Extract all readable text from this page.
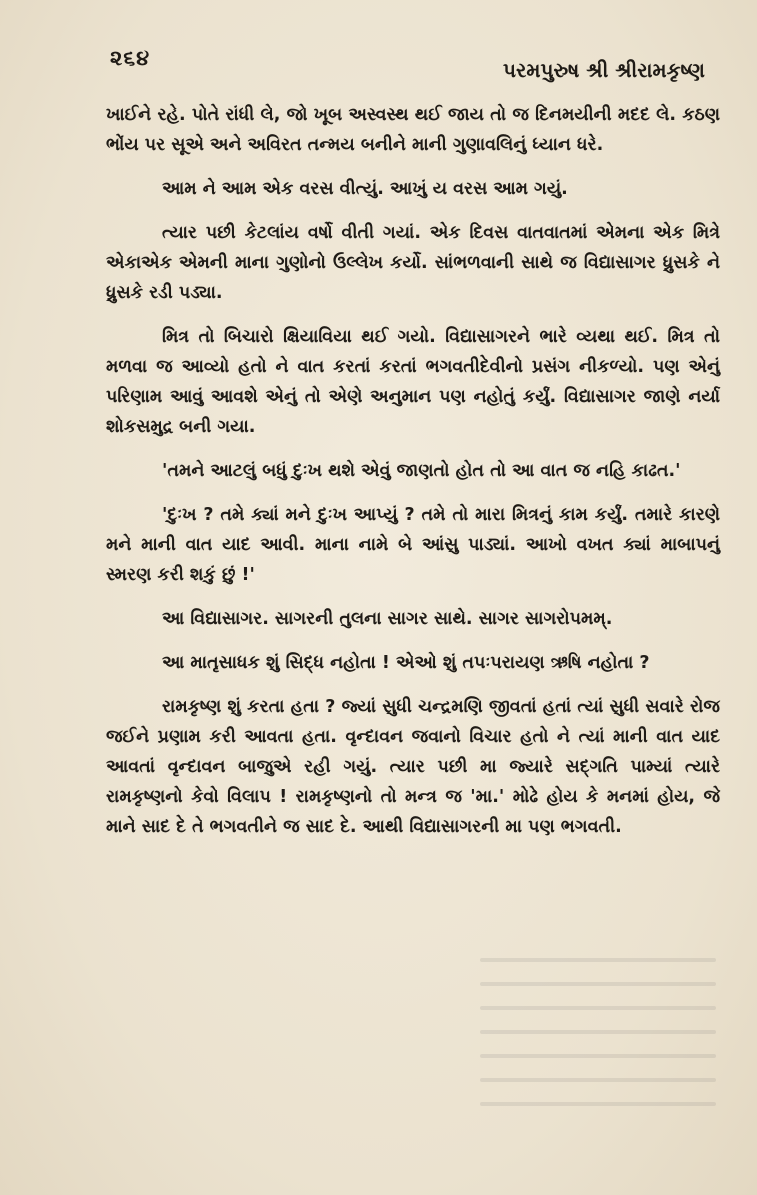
૨૬૪	પરમપુરુષ શ્રી શ્રીરામકૃષ્ણ

ખાઈને રહે. પોતે રાંધી લે, જો ખૂબ અસ્વસ્થ થઈ જાય તો જ દિનમયીની મદદ લે. કઠણ ભોંય પર સૂએ અને અવિરત તન્મય બનીને માની ગુણાવલિનું ધ્યાન ધરે.

આમ ને આમ એક વરસ વીત્યું. આખું ય વરસ આમ ગયું.

ત્યાર પછી કેટલાંય વર્ષો વીતી ગયાં. એક દિવસ વાતવાતમાં એમના એક મિત્રે એકાએક એમની માના ગુણોનો ઉલ્લેખ કર્યો. સાંભળવાની સાથે જ વિદ્યાસાગર ધ્રુસકે ને ધ્રુસકે રડી પડ્યા.

મિત્ર તો બિચારો ક્ષિયાવિયા થઈ ગયો. વિદ્યાસાગરને ભારે વ્યથા થઈ. મિત્ર તો મળવા જ આવ્યો હતો ને વાત કરતાં કરતાં ભગવતીદેવીનો પ્રસંગ નીકળ્યો. પણ એનું પરિણામ આવું આવશે એનું તો એણે અનુમાન પણ નહોતું કર્યું. વિદ્યાસાગર જાણે નર્યા શોકસમુદ્ર બની ગયા.

'તમને આટલું બધું દુઃખ થશે એવું જાણતો હોત તો આ વાત જ નહિ કાઢત.'

'દુઃખ ? તમે ક્યાં મને દુઃખ આપ્યું ? તમે તો મારા મિત્રનું કામ કર્યું. તમારે કારણે મને માની વાત યાદ આવી. માના નામે બે આંસુ પાડ્યાં. આખો વખત ક્યાં માબાપનું સ્મરણ કરી શકું છું !'

આ વિદ્યાસાગર. સાગરની તુલના સાગર સાથે. સાગર સાગરોપમમ્.

આ માતૃસાધક શું સિદ્ધ નહોતા ! એઓ શું તપઃપરાયણ ઋષિ નહોતા ?

રામકૃષ્ણ શું કરતા હતા ? જ્યાં સુધી ચન્દ્રમણિ જીવતાં હતાં ત્યાં સુધી સવારે રોજ જઈને પ્રણામ કરી આવતા હતા. વૃન્દાવન જવાનો વિચાર હતો ને ત્યાં માની વાત યાદ આવતાં વૃન્દાવન બાજુએ રહી ગયું. ત્યાર પછી મા જ્યારે સદ્ગતિ પામ્યાં ત્યારે રામકૃષ્ણનો કેવો વિલાપ ! રામકૃષ્ણનો તો મન્ત્ર જ 'મા.' મોઢે હોય કે મનમાં હોય, જે માને સાદ દે તે ભગવતીને જ સાદ દે. આથી વિદ્યાસાગરની મા પણ ભગવતી.
